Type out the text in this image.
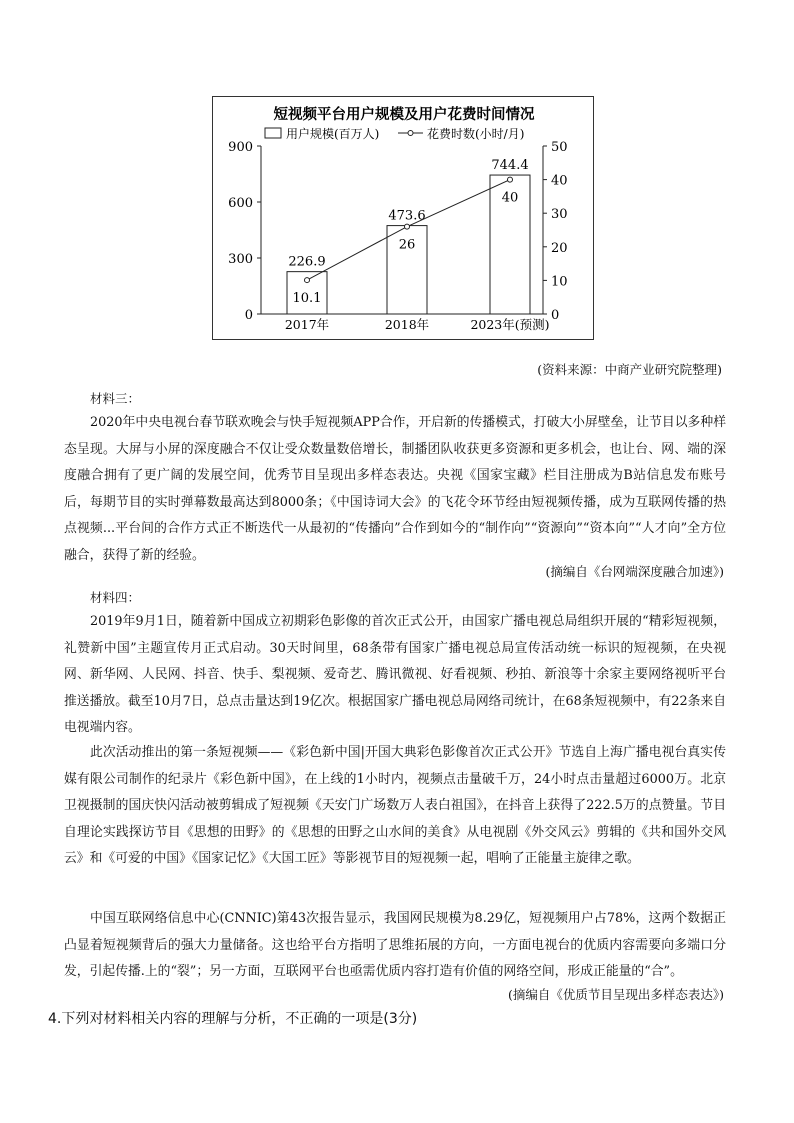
短视频平台用户规模及用户花费时间情况
用户规模(百万人)	花费时数(小时/月)
0
300
600
900
0
10
20
30
40
50
226.9
473.6
744.4
10.1
26
40
2017年	2018年	2023年(预测)
(资料来源：中商产业研究院整理)
材料三：

2020年中央电视台春节联欢晚会与快手短视频APP合作，开启新的传播模式，打破大小屏壁垒，让节目以多种样态呈现。大屏与小屏的深度融合不仅让受众数量数倍增长，制播团队收获更多资源和更多机会，也让台、网、端的深度融合拥有了更广阔的发展空间，优秀节目呈现出多样态表达。央视《国家宝藏》栏目注册成为B站信息发布账号后，每期节目的实时弹幕数最高达到8000条；《中国诗词大会》的飞花令环节经由短视频传播，成为互联网传播的热点视频...平台间的合作方式正不断迭代一从最初的“传播向”合作到如今的“制作向”“资源向”“资本向”“人才向”全方位融合，获得了新的经验。

(摘编自《台网端深度融合加速》)
材料四：

2019年9月1日，随着新中国成立初期彩色影像的首次正式公开，由国家广播电视总局组织开展的“精彩短视频，礼赞新中国”主题宣传月正式启动。30天时间里，68条带有国家广播电视总局宣传活动统一标识的短视频，在央视网、新华网、人民网、抖音、快手、梨视频、爱奇艺、腾讯微视、好看视频、秒拍、新浪等十余家主要网络视听平台推送播放。截至10月7日，总点击量达到19亿次。根据国家广播电视总局网络司统计，在68条短视频中，有22条来自电视端内容。

此次活动推出的第一条短视频——《彩色新中国|开国大典彩色影像首次正式公开》节选自上海广播电视台真实传媒有限公司制作的纪录片《彩色新中国》，在上线的1小时内，视频点击量破千万，24小时点击量超过6000万。北京卫视摄制的国庆快闪活动被剪辑成了短视频《天安门广场数万人表白祖国》，在抖音上获得了222.5万的点赞量。节目自理论实践探访节目《思想的田野》的《思想的田野之山水间的美食》从电视剧《外交风云》剪辑的《共和国外交风云》和《可爱的中国》《国家记忆》《大国工匠》等影视节目的短视频一起，唱响了正能量主旋律之歌。

中国互联网络信息中心(CNNIC)第43次报告显示，我国网民规模为8.29亿，短视频用户占78%，这两个数据正凸显着短视频背后的强大力量储备。这也给平台方指明了思维拓展的方向，一方面电视台的优质内容需要向多端口分发，引起传播.上的“裂”；另一方面，互联网平台也亟需优质内容打造有价值的网络空间，形成正能量的“合”。

(摘编自《优质节目呈现出多样态表达》)
4.下列对材料相关内容的理解与分析，不正确的一项是(3分)
